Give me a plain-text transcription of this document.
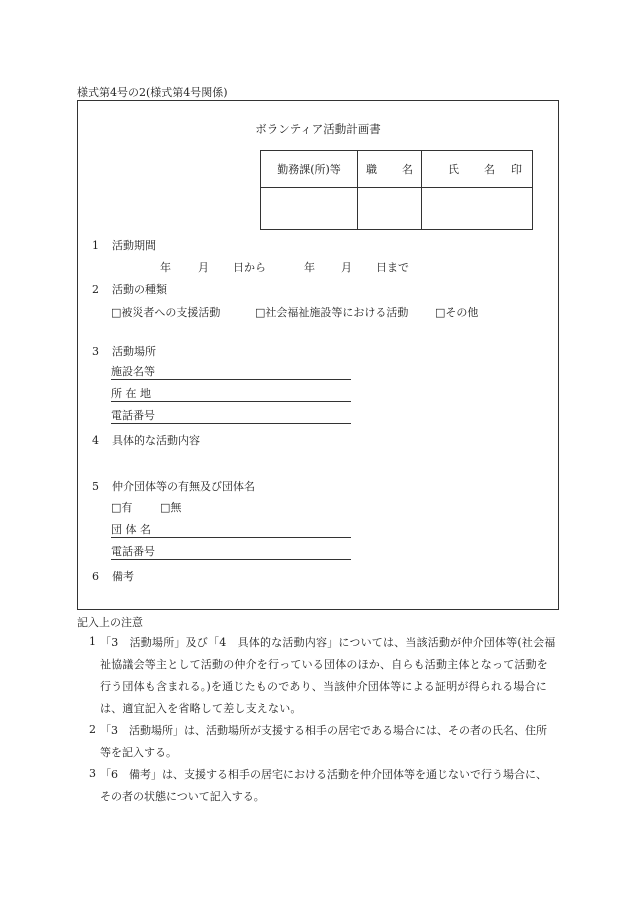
様式第4号の2(様式第4号関係)
ボランティア活動計画書
勤務課(所)等	職 名	氏 名 印

1 活動期間
年 月 日から	年 月 日まで
2 活動の種類
□被災者への支援活動	□社会福祉施設等における活動 □その他
3 活動場所
施設名等
所 在 地
電話番号
4 具体的な活動内容
5 仲介団体等の有無及び団体名
□有	□無
団 体 名
電話番号
6 備考
記入上の注意
1 「3　活動場所」及び「4　具体的な活動内容」については、当該活動が仲介団体等(社会福祉協議会等主として活動の仲介を行っている団体のほか、自らも活動主体となって活動を行う団体も含まれる。)を通じたものであり、当該仲介団体等による証明が得られる場合には、適宜記入を省略して差し支えない。
2 「3　活動場所」は、活動場所が支援する相手の居宅である場合には、その者の氏名、住所等を記入する。
3 「6　備考」は、支援する相手の居宅における活動を仲介団体等を通じないで行う場合に、その者の状態について記入する。
